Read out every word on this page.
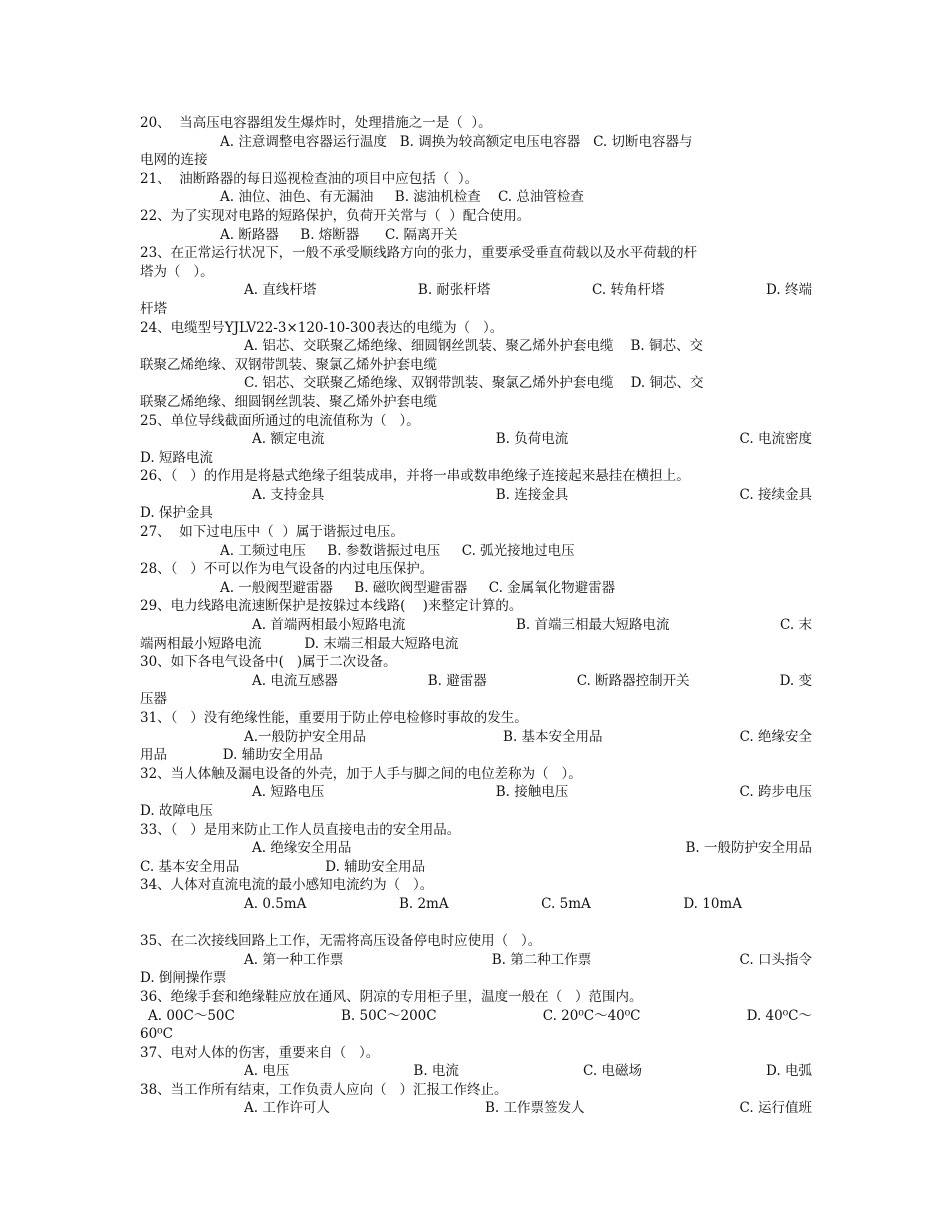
20、  当高压电容器组发生爆炸时，处理措施之一是（  ）。
A. 注意调整电容器运行温度   B. 调换为较高额定电压电容器   C. 切断电容器与
电网的连接
21、  油断路器的每日巡视检查油的项目中应包括（  ）。
A. 油位、油色、有无漏油     B. 滤油机检查    C. 总油管检查
22、为了实现对电路的短路保护，负荷开关常与（  ）配合使用。
A. 断路器     B. 熔断器      C. 隔离开关
23、在正常运行状况下，一般不承受顺线路方向的张力，重要承受垂直荷载以及水平荷载的杆
塔为（   ）。
A. 直线杆塔	B. 耐张杆塔	C. 转角杆塔	D. 终端
杆塔
24、电缆型号YJLV22-3×120-10-300表达的电缆为（   ）。
A. 铝芯、交联聚乙烯绝缘、细圆钢丝凯装、聚乙烯外护套电缆    B. 铜芯、交
联聚乙烯绝缘、双钢带凯装、聚氯乙烯外护套电缆
C. 铝芯、交联聚乙烯绝缘、双钢带凯装、聚氯乙烯外护套电缆    D. 铜芯、交
联聚乙烯绝缘、细圆钢丝凯装、聚乙烯外护套电缆
25、单位导线截面所通过的电流值称为（   ）。
A. 额定电流	B. 负荷电流	C. 电流密度
D. 短路电流
26、（   ）的作用是将悬式绝缘子组装成串，并将一串或数串绝缘子连接起来悬挂在横担上。
A. 支持金具	B. 连接金具	C. 接续金具
D. 保护金具
27、  如下过电压中（  ）属于谐振过电压。
A. 工频过电压     B. 参数谐振过电压     C. 弧光接地过电压
28、（   ）不可以作为电气设备的内过电压保护。
A. 一般阀型避雷器     B. 磁吹阀型避雷器     C. 金属氧化物避雷器
29、电力线路电流速断保护是按躲过本线路(    )来整定计算的。
A. 首端两相最小短路电流	B. 首端三相最大短路电流	C. 末
端两相最小短路电流          D. 末端三相最大短路电流
30、如下各电气设备中(   )属于二次设备。
A. 电流互感器	B. 避雷器	C. 断路器控制开关	D. 变
压器
31、（   ）没有绝缘性能，重要用于防止停电检修时事故的发生。
A.一般防护安全用品	B. 基本安全用品	C. 绝缘安全
用品             D. 辅助安全用品
32、当人体触及漏电设备的外壳，加于人手与脚之间的电位差称为（   ）。
A. 短路电压	B. 接触电压	C. 跨步电压
D. 故障电压
33、（   ）是用来防止工作人员直接电击的安全用品。
A. 绝缘安全用品	B. 一般防护安全用品
C. 基本安全用品                    D. 辅助安全用品
34、人体对直流电流的最小感知电流约为（   ）。
A. 0.5mA	B. 2mA	C. 5mA	D. 10mA
35、在二次接线回路上工作，无需将高压设备停电时应使用（   ）。
A. 第一种工作票	B. 第二种工作票	C. 口头指令
D. 倒闸操作票
36、绝缘手套和绝缘鞋应放在通风、阴凉的专用柜子里，温度一般在（   ）范围内。
A. 00C～50C	B. 50C～200C	C. 20⁰C～40⁰C	D. 40⁰C～
60⁰C
37、电对人体的伤害，重要来自（   ）。
A. 电压	B. 电流	C. 电磁场	D. 电弧
38、当工作所有结束，工作负责人应向（   ）汇报工作终止。
A. 工作许可人	B. 工作票签发人	C. 运行值班
